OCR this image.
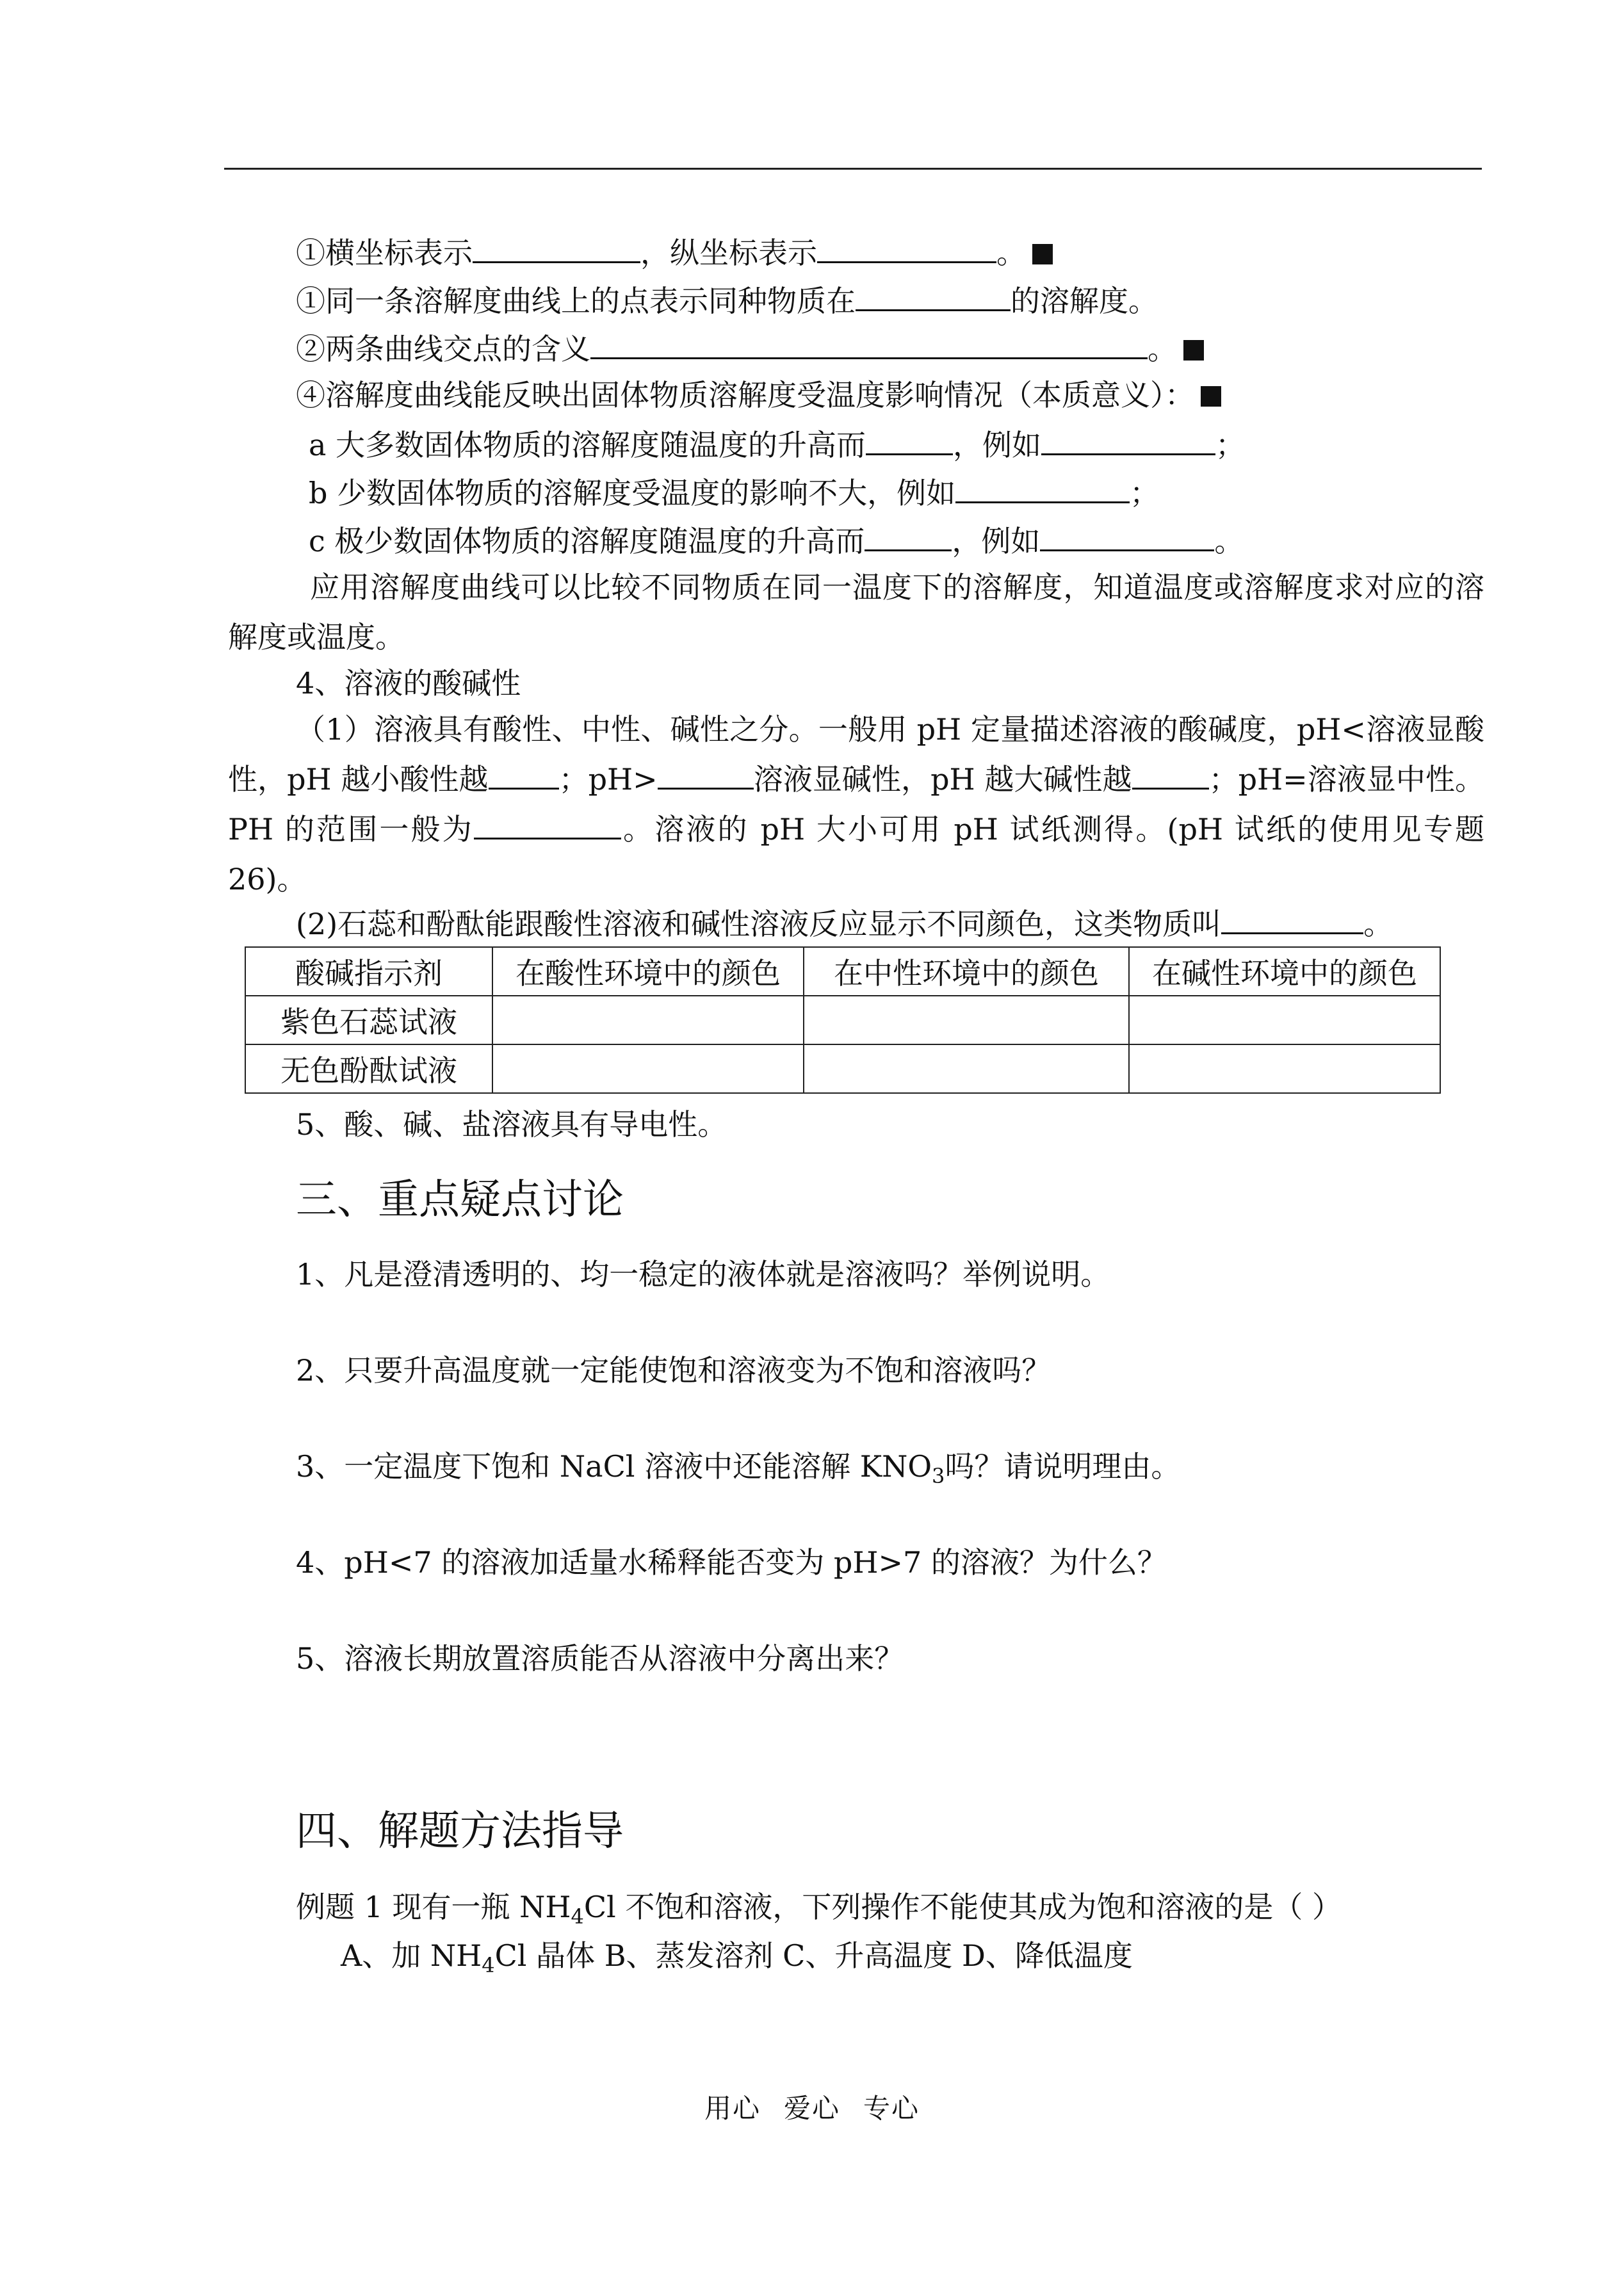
①横坐标表示	，纵坐标表示	。
①同一条溶解度曲线上的点表示同种物质在	的溶解度。
②两条曲线交点的含义	。
④溶解度曲线能反映出固体物质溶解度受温度影响情况（本质意义）：
a 大多数固体物质的溶解度随温度的升高而	，例如	；
b 少数固体物质的溶解度受温度的影响不大，例如	；
c 极少数固体物质的溶解度随温度的升高而	，例如	。
应用溶解度曲线可以比较不同物质在同一温度下的溶解度，知道温度或溶解度求对应的溶解度或温度。
4、溶液的酸碱性
（1）溶液具有酸性、中性、碱性之分。一般用 pH 定量描述溶液的酸碱度，pH<溶液显酸性，pH 越小酸性越 ；pH>	溶液显碱性，pH 越大碱性越	；pH=溶液显中性。PH 的范围一般为	。溶液的 pH 大小可用 pH 试纸测得。(pH 试纸的使用见专题 26)。
(2)石蕊和酚酞能跟酸性溶液和碱性溶液反应显示不同颜色，这类物质叫	。
酸碱指示剂	在酸性环境中的颜色	在中性环境中的颜色	在碱性环境中的颜色
紫色石蕊试液			
无色酚酞试液			
5、酸、碱、盐溶液具有导电性。
三、重点疑点讨论
1、凡是澄清透明的、均一稳定的液体就是溶液吗？举例说明。
2、只要升高温度就一定能使饱和溶液变为不饱和溶液吗？
3、一定温度下饱和 NaCl 溶液中还能溶解 $KNO_3$吗？请说明理由。
4、pH<7 的溶液加适量水稀释能否变为 pH>7 的溶液？为什么？
5、溶液长期放置溶质能否从溶液中分离出来？
四、解题方法指导
例题 1 现有一瓶 $NH_4Cl$ 不饱和溶液，下列操作不能使其成为饱和溶液的是（ ）
A、加 $NH_4Cl$ 晶体 B、蒸发溶剂 C、升高温度 D、降低温度
用心 爱心 专心
